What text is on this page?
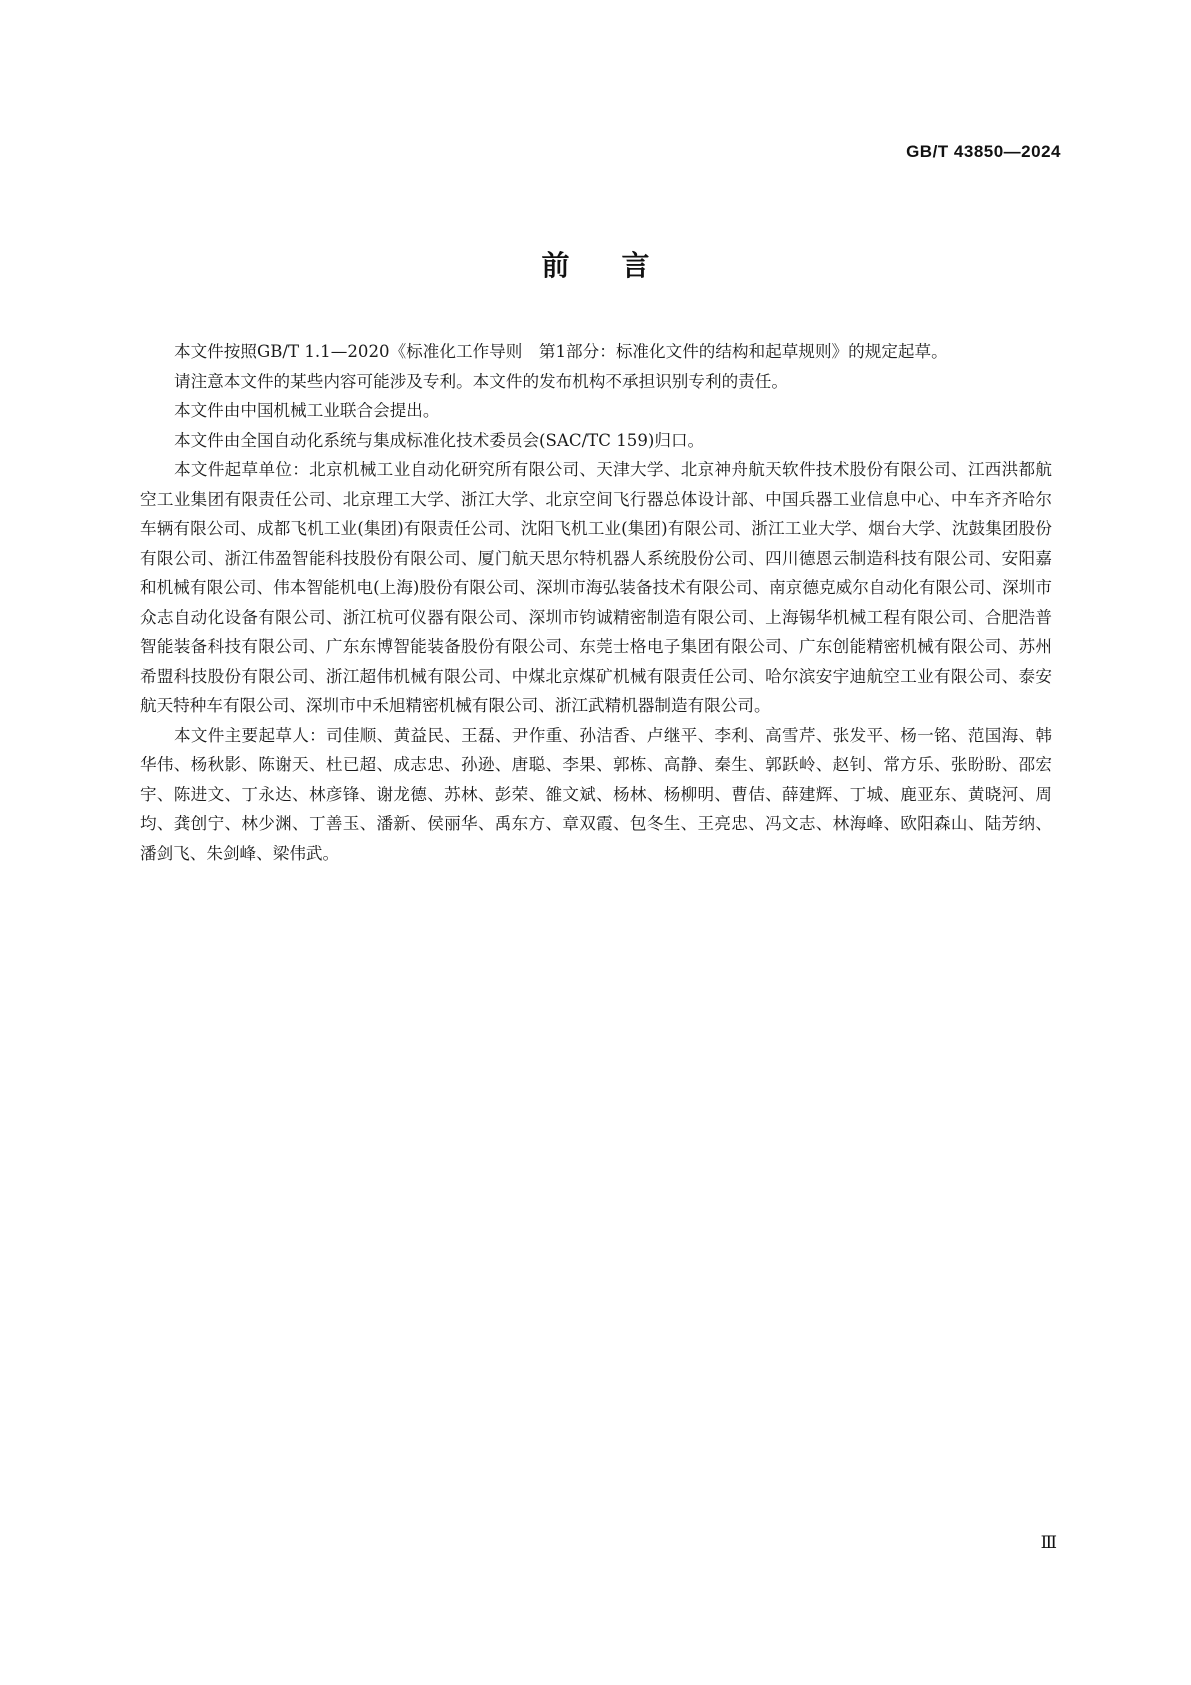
GB/T 43850—2024
前言

本文件按照GB/T 1.1—2020《标准化工作导则　第1部分：标准化文件的结构和起草规则》的规定起草。

请注意本文件的某些内容可能涉及专利。本文件的发布机构不承担识别专利的责任。

本文件由中国机械工业联合会提出。

本文件由全国自动化系统与集成标准化技术委员会(SAC/TC 159)归口。

本文件起草单位：北京机械工业自动化研究所有限公司、天津大学、北京神舟航天软件技术股份有限公司、江西洪都航空工业集团有限责任公司、北京理工大学、浙江大学、北京空间飞行器总体设计部、中国兵器工业信息中心、中车齐齐哈尔车辆有限公司、成都飞机工业(集团)有限责任公司、沈阳飞机工业(集团)有限公司、浙江工业大学、烟台大学、沈鼓集团股份有限公司、浙江伟盈智能科技股份有限公司、厦门航天思尔特机器人系统股份公司、四川德恩云制造科技有限公司、安阳嘉和机械有限公司、伟本智能机电(上海)股份有限公司、深圳市海弘装备技术有限公司、南京德克威尔自动化有限公司、深圳市众志自动化设备有限公司、浙江杭可仪器有限公司、深圳市钧诚精密制造有限公司、上海锡华机械工程有限公司、合肥浩普智能装备科技有限公司、广东东博智能装备股份有限公司、东莞士格电子集团有限公司、广东创能精密机械有限公司、苏州希盟科技股份有限公司、浙江超伟机械有限公司、中煤北京煤矿机械有限责任公司、哈尔滨安宇迪航空工业有限公司、泰安航天特种车有限公司、深圳市中禾旭精密机械有限公司、浙江武精机器制造有限公司。

本文件主要起草人：司佳顺、黄益民、王磊、尹作重、孙洁香、卢继平、李利、高雪芹、张发平、杨一铭、范国海、韩华伟、杨秋影、陈谢天、杜已超、成志忠、孙逊、唐聪、李果、郭栋、高静、秦生、郭跃岭、赵钊、常方乐、张盼盼、邵宏宇、陈进文、丁永达、林彦锋、谢龙德、苏林、彭荣、雒文斌、杨林、杨柳明、曹佶、薛建辉、丁城、鹿亚东、黄晓河、周均、龚创宁、林少渊、丁善玉、潘新、侯丽华、禹东方、章双霞、包冬生、王亮忠、冯文志、林海峰、欧阳森山、陆芳纳、潘剑飞、朱剑峰、梁伟武。

Ⅲ
